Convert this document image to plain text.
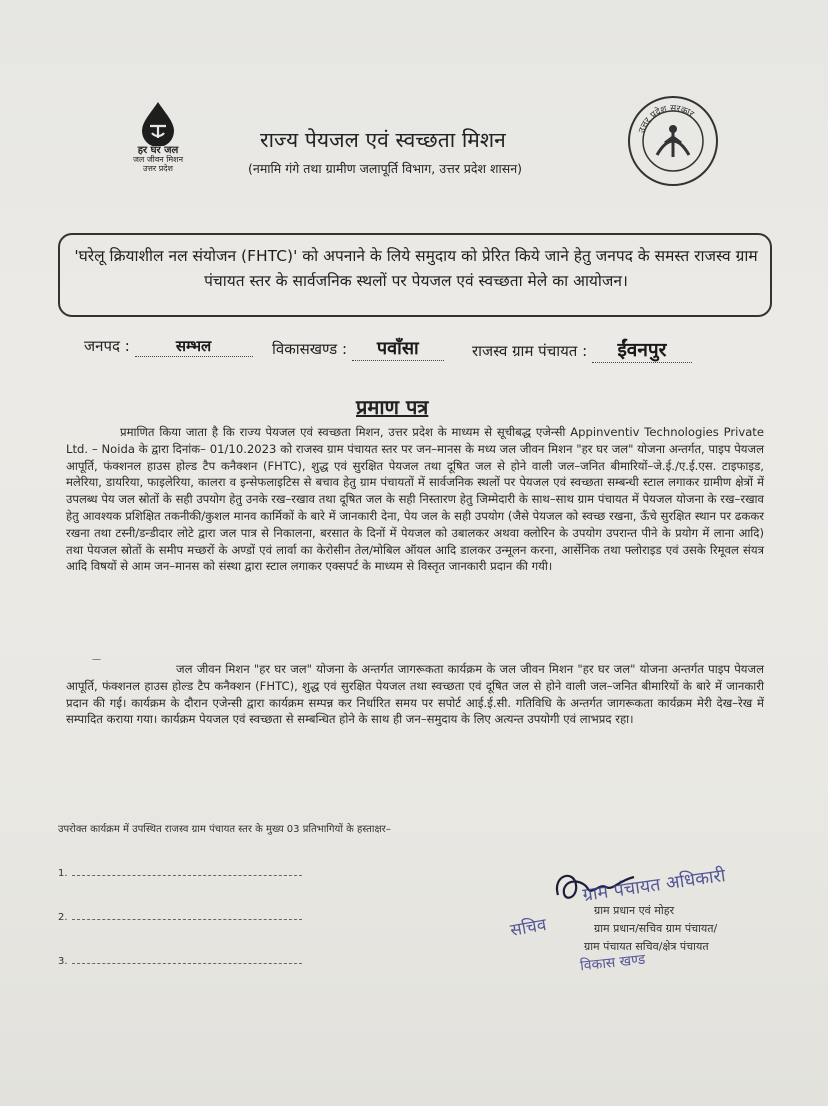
हर घर जल
जल जीवन मिशन
उत्तर प्रदेश
राज्य पेयजल एवं स्वच्छता मिशन
(नमामि गंगे तथा ग्रामीण जलापूर्ति विभाग, उत्तर प्रदेश शासन)
उत्तर प्रदेश सरकार
'घरेलू क्रियाशील नल संयोजन (FHTC)' को अपनाने के लिये समुदाय को प्रेरित किये जाने हेतु जनपद के समस्त राजस्व ग्राम पंचायत स्तर के सार्वजनिक स्थलों पर पेयजल एवं स्वच्छता मेले का आयोजन।
जनपद :	सम्भल	विकासखण्ड : पवाँसा	राजस्व ग्राम पंचायत : ईंवनपुर
प्रमाण पत्र
प्रमाणित किया जाता है कि राज्य पेयजल एवं स्वच्छता मिशन, उत्तर प्रदेश के माध्यम से सूचीबद्ध एजेन्सी Appinventiv Technologies Private Ltd. – Noida के द्वारा दिनांक– 01/10.2023 को राजस्व ग्राम पंचायत स्तर पर जन–मानस के मध्य जल जीवन मिशन "हर घर जल" योजना अन्तर्गत, पाइप पेयजल आपूर्ति, फंक्शनल हाउस होल्ड टैप कनैक्शन (FHTC), शुद्ध एवं सुरक्षित पेयजल तथा दूषित जल से होने वाली जल–जनित बीमारियों–जे.ई./ए.ई.एस. टाइफाइड, मलेरिया, डायरिया, फाइलेरिया, कालरा व इन्सेफलाइटिस से बचाव हेतु ग्राम पंचायतों में सार्वजनिक स्थलों पर पेयजल एवं स्वच्छता सम्बन्धी स्टाल लगाकर ग्रामीण क्षेत्रों में उपलब्ध पेय जल स्रोतों के सही उपयोग हेतु उनके रख–रखाव तथा दूषित जल के सही निस्तारण हेतु जिम्मेदारी के साथ–साथ ग्राम पंचायत में पेयजल योजना के रख–रखाव हेतु आवश्यक प्रशिक्षित तकनीकी/कुशल मानव कार्मिकों के बारे में जानकारी देना, पेय जल के सही उपयोग (जैसे पेयजल को स्वच्छ रखना, ऊँचे सुरक्षित स्थान पर ढककर रखना तथा टस्नी/डन्डीदार लोटे द्वारा जल पात्र से निकालना, बरसात के दिनों में पेयजल को उबालकर अथवा क्लोरिन के उपयोग उपरान्त पीने के प्रयोग में लाना आदि) तथा पेयजल स्रोतों के समीप मच्छरों के अण्डों एवं लार्वा का केरोसीन तेल/मोबिल ऑयल आदि डालकर उन्मूलन करना, आर्सेनिक तथा फ्लोराइड एवं उसके रिमूवल संयत्र आदि विषयों से आम जन–मानस को संस्था द्वारा स्टाल लगाकर एक्सपर्ट के माध्यम से विस्तृत जानकारी प्रदान की गयी।
—
जल जीवन मिशन "हर घर जल" योजना के अन्तर्गत जागरूकता कार्यक्रम के जल जीवन मिशन "हर घर जल" योजना अन्तर्गत पाइप पेयजल आपूर्ति, फंक्शनल हाउस होल्ड टैप कनैक्शन (FHTC), शुद्ध एवं सुरक्षित पेयजल तथा स्वच्छता एवं दूषित जल से होने वाली जल–जनित बीमारियों के बारे में जानकारी प्रदान की गई। कार्यक्रम के दौरान एजेन्सी द्वारा कार्यक्रम सम्पन्न कर निर्धारित समय पर सपोर्ट आई.ई.सी. गतिविधि के अन्तर्गत जागरूकता कार्यक्रम मेरी देख–रेख में सम्पादित कराया गया। कार्यक्रम पेयजल एवं स्वच्छता से सम्बन्धित होने के साथ ही जन–समुदाय के लिए अत्यन्त उपयोगी एवं लाभप्रद रहा।
उपरोक्त कार्यक्रम में उपस्थित राजस्व ग्राम पंचायत स्तर के मुख्य 03 प्रतिभागियों के हस्ताक्षर–
1.
2.
3.
ग्राम पंचायत अधिकारी
ग्राम प्रधान एवं मोहर
ग्राम प्रधान/सचिव ग्राम पंचायत/
सचिव
ग्राम पंचायत सचिव/क्षेत्र पंचायत
विकास खण्ड
